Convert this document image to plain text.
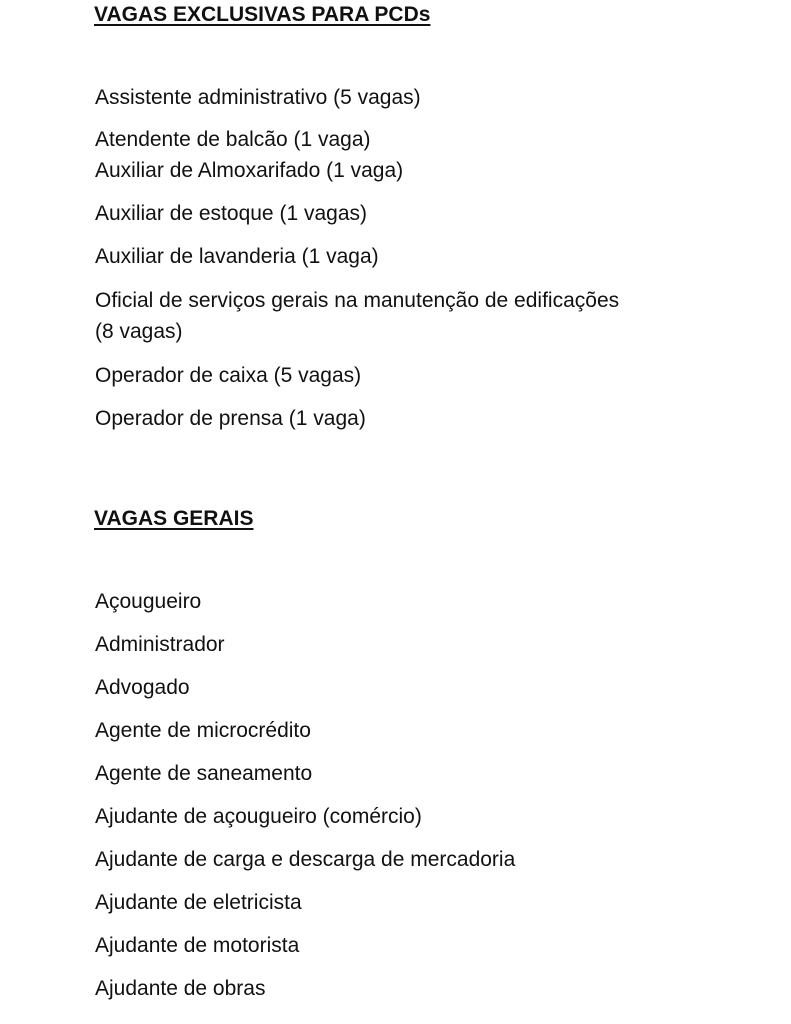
VAGAS EXCLUSIVAS PARA PCDs
Assistente administrativo (5 vagas)
Atendente de balcão (1 vaga)
Auxiliar de Almoxarifado (1 vaga)
Auxiliar de estoque (1 vagas)
Auxiliar de lavanderia (1 vaga)
Oficial de serviços gerais na manutenção de edificações
(8 vagas)
Operador de caixa (5 vagas)
Operador de prensa (1 vaga)
VAGAS GERAIS
Açougueiro
Administrador
Advogado
Agente de microcrédito
Agente de saneamento
Ajudante de açougueiro (comércio)
Ajudante de carga e descarga de mercadoria
Ajudante de eletricista
Ajudante de motorista
Ajudante de obras
